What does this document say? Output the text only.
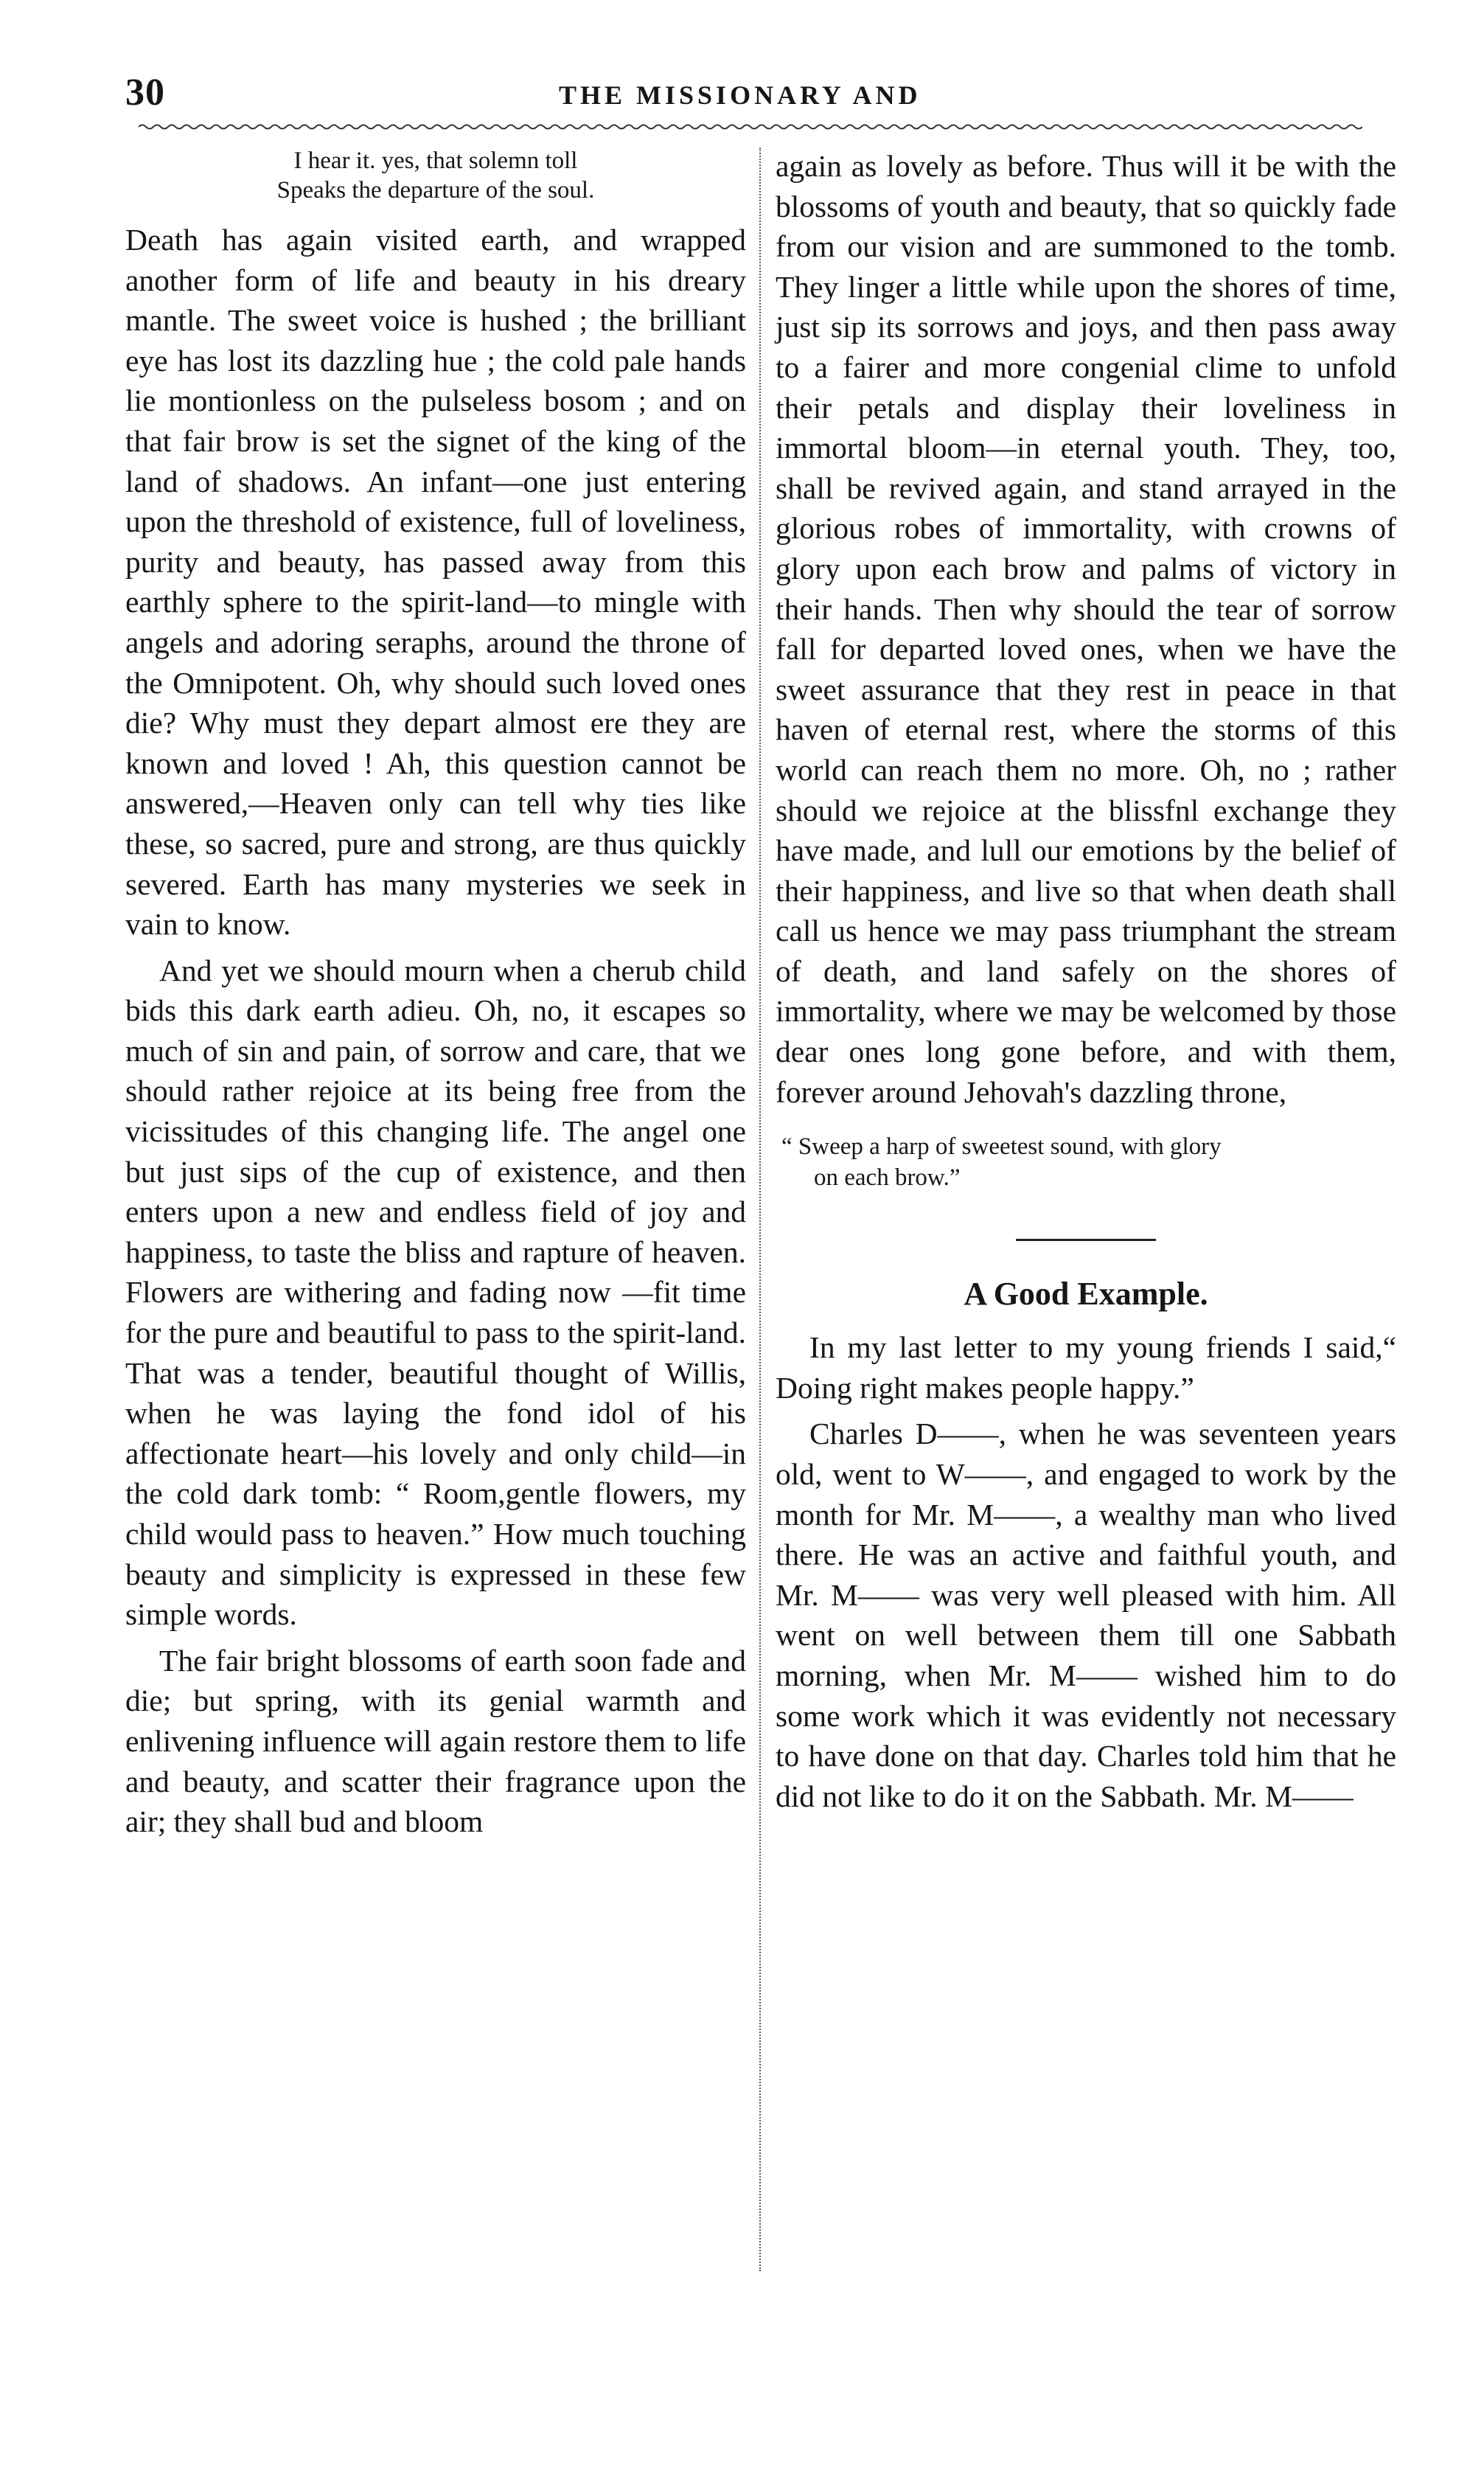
30	THE MISSIONARY AND
I hear it. yes, that solemn toll
Speaks the departure of the soul.

Death has again visited earth, and wrapped another form of life and beauty in his dreary mantle. The sweet voice is hushed ; the brilliant eye has lost its dazzling hue ; the cold pale hands lie montionless on the pulseless bosom ; and on that fair brow is set the signet of the king of the land of shadows. An infant—one just entering upon the threshold of existence, full of loveliness, purity and beauty, has passed away from this earthly sphere to the spirit-land—to mingle with angels and adoring seraphs, around the throne of the Omnipotent. Oh, why should such loved ones die? Why must they depart almost ere they are known and loved ! Ah, this question cannot be answered,—Heaven only can tell why ties like these, so sacred, pure and strong, are thus quickly severed. Earth has many mysteries we seek in vain to know.

And yet we should mourn when a cherub child bids this dark earth adieu. Oh, no, it escapes so much of sin and pain, of sorrow and care, that we should rather rejoice at its being free from the vicissitudes of this changing life. The angel one but just sips of the cup of existence, and then enters upon a new and endless field of joy and happiness, to taste the bliss and rapture of heaven. Flowers are withering and fading now —fit time for the pure and beautiful to pass to the spirit-land. That was a tender, beautiful thought of Willis, when he was laying the fond idol of his affectionate heart—his lovely and only child—in the cold dark tomb: “ Room,gentle flowers, my child would pass to heaven.” How much touching beauty and simplicity is expressed in these few simple words.

The fair bright blossoms of earth soon fade and die; but spring, with its genial warmth and enlivening influence will again restore them to life and beauty, and scatter their fragrance upon the air; they shall bud and bloom

again as lovely as before. Thus will it be with the blossoms of youth and beauty, that so quickly fade from our vision and are summoned to the tomb. They linger a little while upon the shores of time, just sip its sorrows and joys, and then pass away to a fairer and more congenial clime to unfold their petals and display their loveliness in immortal bloom—in eternal youth. They, too, shall be revived again, and stand arrayed in the glorious robes of immortality, with crowns of glory upon each brow and palms of victory in their hands. Then why should the tear of sorrow fall for departed loved ones, when we have the sweet assurance that they rest in peace in that haven of eternal rest, where the storms of this world can reach them no more. Oh, no ; rather should we rejoice at the blissfnl exchange they have made, and lull our emotions by the belief of their happiness, and live so that when death shall call us hence we may pass triumphant the stream of death, and land safely on the shores of immortality, where we may be welcomed by those dear ones long gone before, and with them, forever around Jehovah's dazzling throne,

“ Sweep a harp of sweetest sound, with glory
on each brow.”
A Good Example.

In my last letter to my young friends I said,“ Doing right makes people happy.”

Charles D——, when he was seventeen years old, went to W——, and engaged to work by the month for Mr. M——, a wealthy man who lived there. He was an active and faithful youth, and Mr. M—— was very well pleased with him. All went on well between them till one Sabbath morning, when Mr. M—— wished him to do some work which it was evidently not necessary to have done on that day. Charles told him that he did not like to do it on the Sabbath. Mr. M——
